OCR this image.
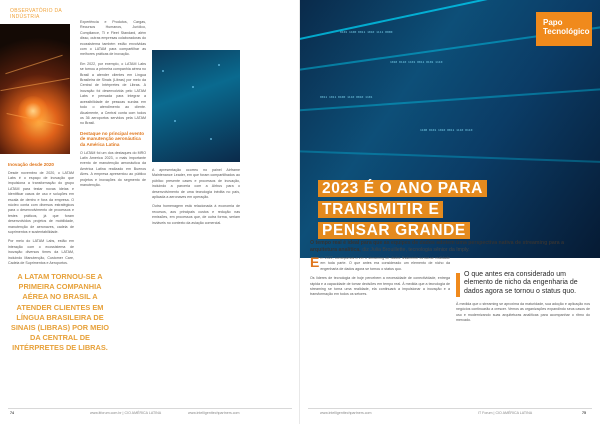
OBSERVATÓRIO DA INDÚSTRIA
Inovação desde 2020

Desde novembro de 2020, o LATAM Labs é o espaço de inovação que impulsiona a transformação do grupo LATAM para testar novas ideias e identificar casos de uso e soluções em escala de dentro e fora da empresa. O núcleo conta com diversos estratégicos para o desenvolvimento de processos e testes práticos, já que foram desenvolvidos projetos de mobilidade, manutenção de aeronaves, cadeia de suprimentos e sustentabilidade.

Por meio do LATAM Labs, estão em interação com o ecossistema de inovação diversos times da LATAM, incluindo Manutenção, Customer Care, Cadeia de Suprimentos e Aeroportos.

Experiência e Produtos, Cargas, Recursos Humanos, Jurídico, Compliance, TI e Fleet Standard, além disso, outras empresas colaboradoras do ecossistema também estão envolvidas com o LATAM para compartilhar as melhores práticas de inovação.

Em 2022, por exemplo, o LATAM Labs se tornou a primeira companhia aérea no Brasil a atender clientes em Língua Brasileira de Sinais (Libras) por meio da Central de Intérpretes de Libras. A inovação foi desenvolvida pelo LATAM Labs e pensada para integrar a acessibilidade de pessoas surdas em todo o atendimento ao cliente. Atualmente, a Central conta com todos os 36 aeroportos servidos pela LATAM no Brasil.

Destaque no principal evento de manutenção aeronáutica da América Latina

O LATAM foi um dos destaques do MRO Latin America 2023, o mais importante evento de manutenção aeronáutica da América Latina realizado em Buenos Aires. A empresa apresentou ao público projetos e inovações do segmento de manutenção.

A apresentação ocorreu no painel Airframe Maintenance Leader, em que foram compartilhados ao público presente cases e processos de inovação, incluindo a parceria com a Airbus para o desenvolvimento de uma tecnologia inédita no país, aplicada a aeronaves em operação.

Outra homenagem está relacionada à economia de recursos, aos principais custos e redução nas emissões, em processos que, de outra forma, seriam inviáveis no contexto da aviação comercial.

A LATAM TORNOU-SE A PRIMEIRA COMPANHIA AÉREA NO BRASIL A ATENDER CLIENTES EM LÍNGUA BRASILEIRA DE SINAIS (LIBRAS) POR MEIO DA CENTRAL DE INTÉRPRETES DE LIBRAS.
74	www.itforum.com.br | CIO AMÉRICA LATINA	www.intelligenttechpartners.com
0101 1100 0011 1010 1111 0000
1010 0110 1101 0011 0101 1110
0011 1011 0100 1110 0010 1101
1100 0101 1010 0011 1110 0110
Papo Tecnológico
2023 É O ANO PARA
TRANSMITIR E
PENSAR GRANDE
O tempo real é ideal para que as equipes de dados adotem uma perspectiva nativa de streaming para a arquitetura analítica, diz Julia Brouillette, tecnologia sênior da Imply.

Em 2022, começamos a ver o streaming de dados finalmente tornar-se realidade em toda parte. O que antes era considerado um elemento de nicho da engenharia de dados agora se tornou o status quo.

Os líderes de tecnologia de hoje percebem a necessidade de conectividade, entrega rápida e a capacidade de tomar decisões em tempo real. À medida que a tecnologia de streaming se torna uma realidade, ela continuará a impulsionar a inovação e a transformação em todos os setores.

O que antes era considerado um elemento de nicho da engenharia de dados agora se tornou o status quo.

À medida que o streaming se aproxima da maturidade, sua adoção e aplicação nos negócios continuarão a crescer. Vemos as organizações expandindo seus casos de uso e modernizando suas arquiteturas analíticas para acompanhar o ritmo do mercado.

www.intelligenttechpartners.com	IT Forum | CIO AMÉRICA LATINA	75
